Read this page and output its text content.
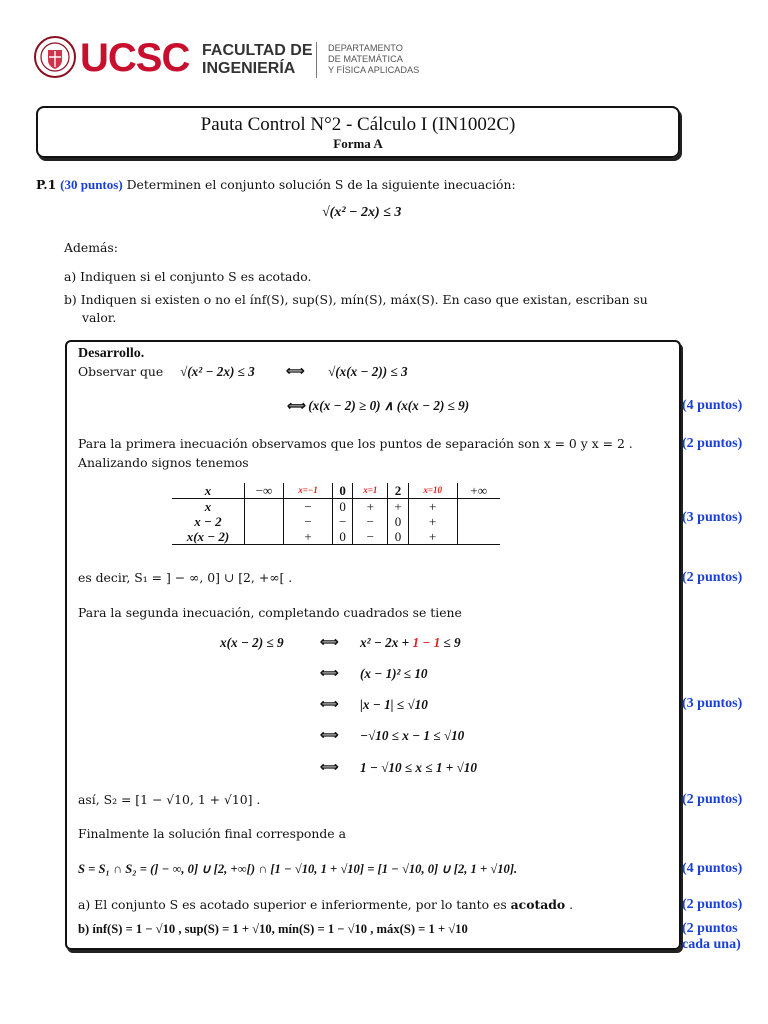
UCSC FACULTAD DE
INGENIERÍA
DEPARTAMENTO
DE MATEMÁTICA
Y FÍSICA APLICADAS
Pauta Control N°2 - Cálculo I (IN1002C)
Forma A
P.1 (30 puntos) Determinen el conjunto solución S de la siguiente inecuación:
√(x² − 2x) ≤ 3
Además:
a) Indiquen si el conjunto S es acotado.
b) Indiquen si existen o no el ínf(S), sup(S), mín(S), máx(S). En caso que existan, escriban su
valor.
Desarrollo.
Observar que √(x² − 2x) ≤ 3 ⟺ √(x(x − 2)) ≤ 3
⟺ (x(x − 2) ≥ 0) ∧ (x(x − 2) ≤ 9)	(4 puntos)
Para la primera inecuación observamos que los puntos de separación son x = 0 y x = 2 .
Analizando signos tenemos
(2 puntos)
x	−∞	x=−1	0	x=1	2	x=10	+∞
x		−	0	+	+	+	
x − 2		−	−	−	0	+	
x(x − 2)		+	0	−	0	+	
(3 puntos)
es decir, S₁ = ] − ∞, 0] ∪ [2, +∞[ .	(2 puntos)
Para la segunda inecuación, completando cuadrados se tiene
x(x − 2) ≤ 9	⟺ x² − 2x + 1 − 1 ≤ 9
⟺ (x − 1)² ≤ 10
⟺ |x − 1| ≤ √10	(3 puntos)
⟺ −√10 ≤ x − 1 ≤ √10
⟺ 1 − √10 ≤ x ≤ 1 + √10
así, S₂ = [1 − √10, 1 + √10] .	(2 puntos)
Finalmente la solución final corresponde a
S = S₁ ∩ S₂ = (] − ∞, 0] ∪ [2, +∞[) ∩ [1 − √10, 1 + √10] = [1 − √10, 0] ∪ [2, 1 + √10].	(4 puntos)
a) El conjunto S es acotado superior e inferiormente, por lo tanto es acotado .	(2 puntos)
b) ínf(S) = 1 − √10 , sup(S) = 1 + √10, mín(S) = 1 − √10 , máx(S) = 1 + √10	(2 puntos
cada una)
